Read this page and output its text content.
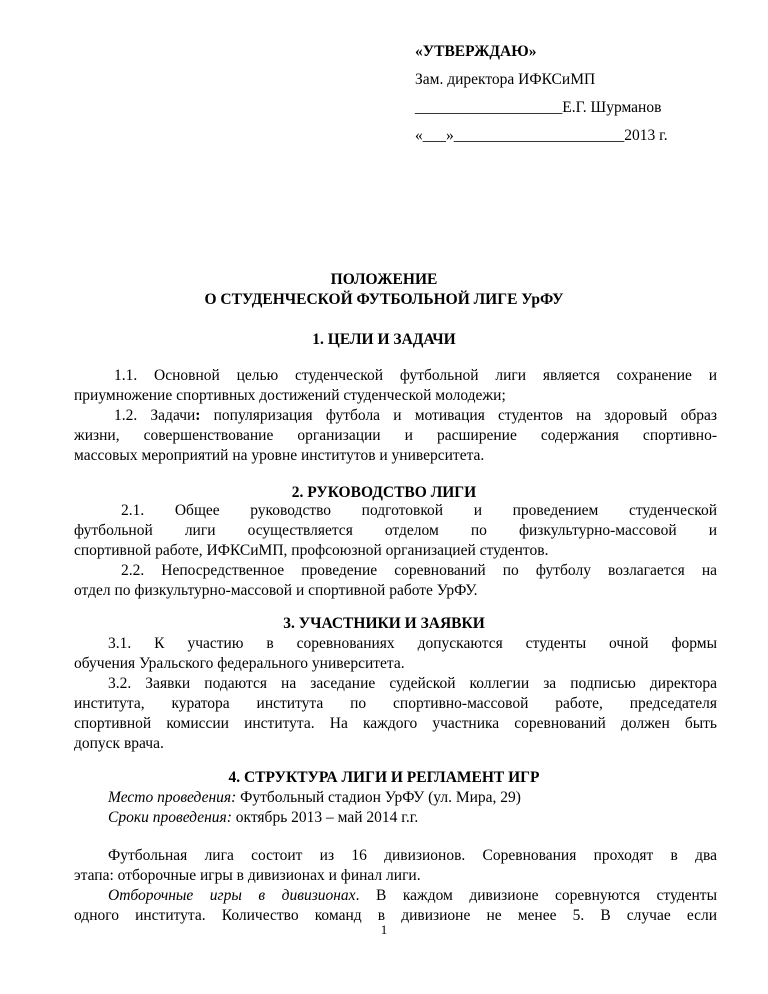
«УТВЕРЖДАЮ»
Зам. директора ИФКСиМП
___________________Е.Г. Шурманов
«___»______________________2013 г.
ПОЛОЖЕНИЕ
О СТУДЕНЧЕСКОЙ ФУТБОЛЬНОЙ ЛИГЕ УрФУ
1. ЦЕЛИ И ЗАДАЧИ
1.1. Основной целью студенческой футбольной лиги является сохранение и
приумножение спортивных достижений студенческой молодежи;
1.2. Задачи: популяризация футбола и мотивация студентов на здоровый образ
жизни, совершенствование организации и расширение содержания спортивно-
массовых мероприятий на уровне институтов и университета.
2. РУКОВОДСТВО ЛИГИ
2.1. Общее руководство подготовкой и проведением студенческой
футбольной лиги осуществляется отделом по физкультурно-массовой и
спортивной работе, ИФКСиМП, профсоюзной организацией студентов.
2.2. Непосредственное проведение соревнований по футболу возлагается на
отдел по физкультурно-массовой и спортивной работе УрФУ.
3. УЧАСТНИКИ И ЗАЯВКИ
3.1. К участию в соревнованиях допускаются студенты очной формы
обучения Уральского федерального университета.
3.2. Заявки подаются на заседание судейской коллегии за подписью директора
института, куратора института по спортивно-массовой работе, председателя
спортивной комиссии института. На каждого участника соревнований должен быть
допуск врача.
4. СТРУКТУРА ЛИГИ И РЕГЛАМЕНТ ИГР
Место проведения: Футбольный стадион УрФУ (ул. Мира, 29)
Сроки проведения: октябрь 2013 – май 2014 г.г.
Футбольная лига состоит из 16 дивизионов. Соревнования проходят в два
этапа: отборочные игры в дивизионах и финал лиги.
Отборочные игры в дивизионах. В каждом дивизионе соревнуются студенты
одного института. Количество команд в дивизионе не менее 5. В случае если
1
